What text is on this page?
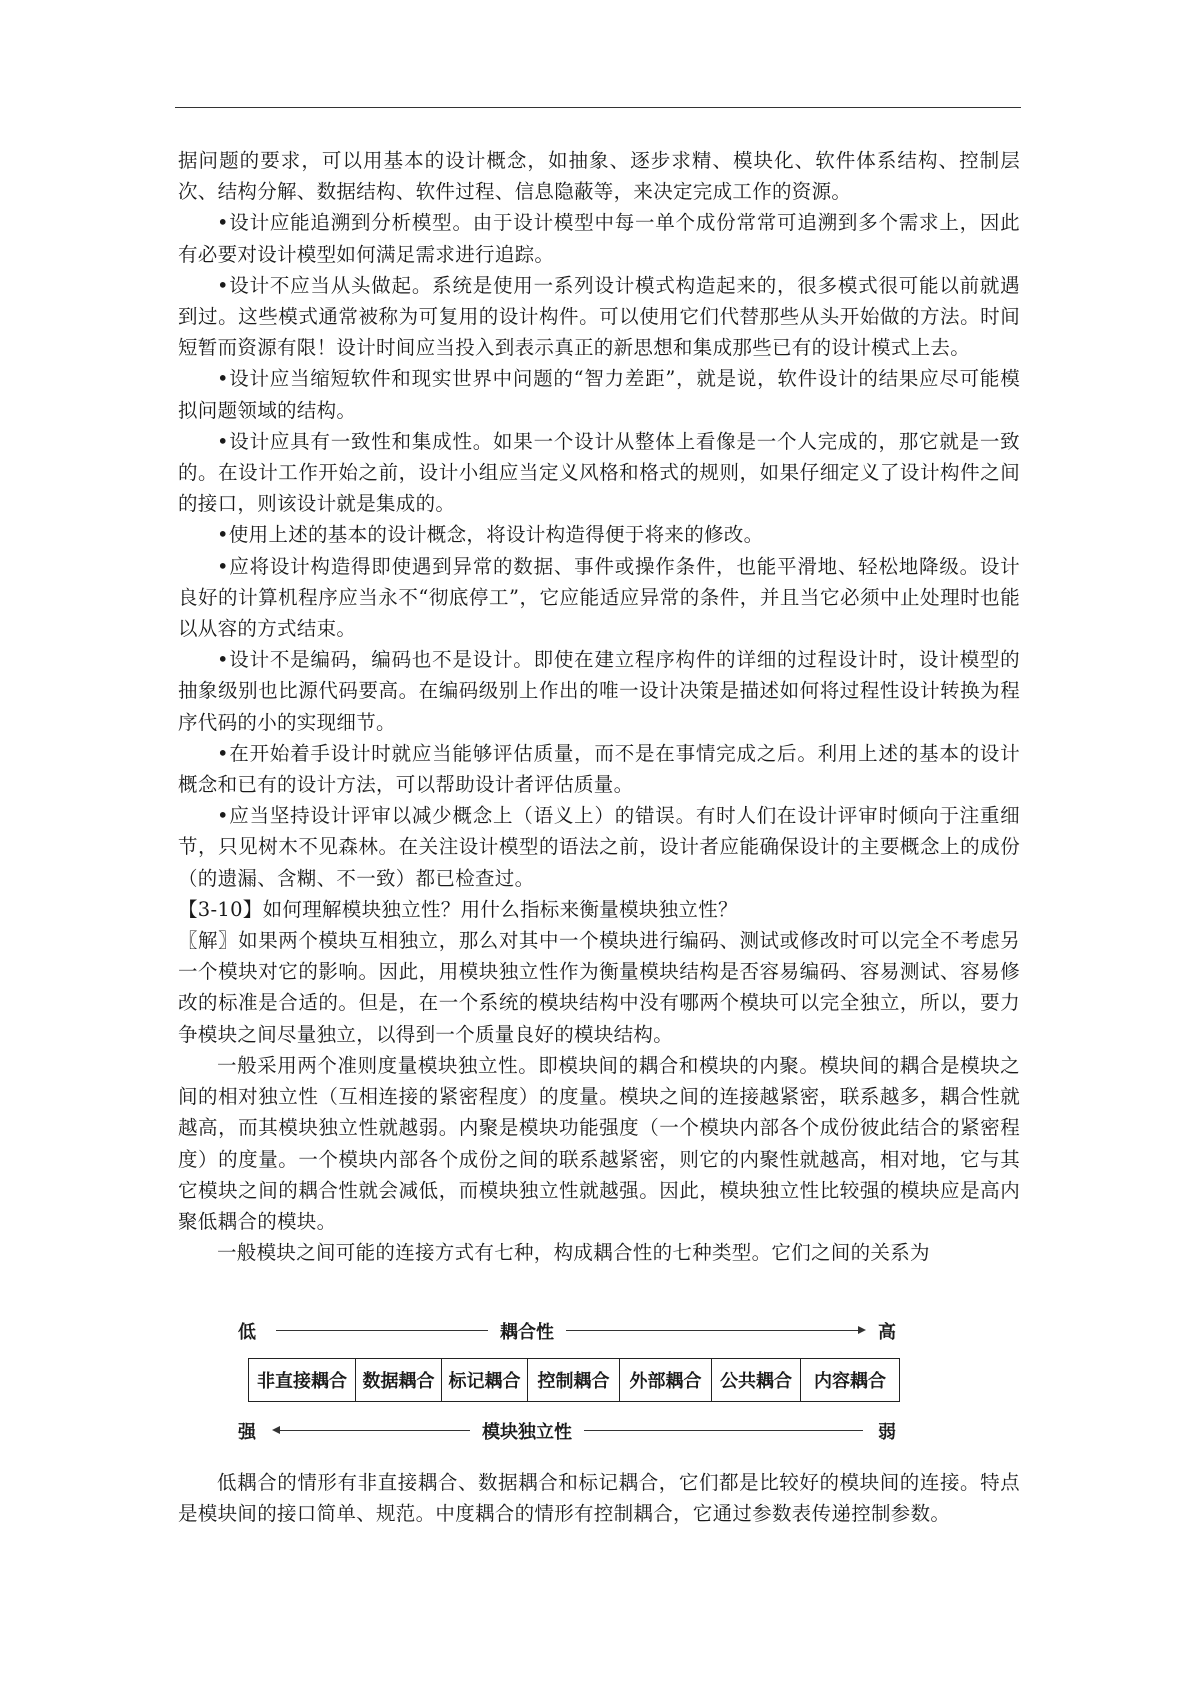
据问题的要求，可以用基本的设计概念，如抽象、逐步求精、模块化、软件体系结构、控制层次、结构分解、数据结构、软件过程、信息隐蔽等，来决定完成工作的资源。

•设计应能追溯到分析模型。由于设计模型中每一单个成份常常可追溯到多个需求上，因此有必要对设计模型如何满足需求进行追踪。

•设计不应当从头做起。系统是使用一系列设计模式构造起来的，很多模式很可能以前就遇到过。这些模式通常被称为可复用的设计构件。可以使用它们代替那些从头开始做的方法。时间短暂而资源有限！设计时间应当投入到表示真正的新思想和集成那些已有的设计模式上去。

•设计应当缩短软件和现实世界中问题的“智力差距”，就是说，软件设计的结果应尽可能模拟问题领域的结构。

•设计应具有一致性和集成性。如果一个设计从整体上看像是一个人完成的，那它就是一致的。在设计工作开始之前，设计小组应当定义风格和格式的规则，如果仔细定义了设计构件之间的接口，则该设计就是集成的。

•使用上述的基本的设计概念，将设计构造得便于将来的修改。

•应将设计构造得即使遇到异常的数据、事件或操作条件，也能平滑地、轻松地降级。设计良好的计算机程序应当永不“彻底停工”，它应能适应异常的条件，并且当它必须中止处理时也能以从容的方式结束。

•设计不是编码，编码也不是设计。即使在建立程序构件的详细的过程设计时，设计模型的抽象级别也比源代码要高。在编码级别上作出的唯一设计决策是描述如何将过程性设计转换为程序代码的小的实现细节。

•在开始着手设计时就应当能够评估质量，而不是在事情完成之后。利用上述的基本的设计概念和已有的设计方法，可以帮助设计者评估质量。

•应当坚持设计评审以减少概念上（语义上）的错误。有时人们在设计评审时倾向于注重细节，只见树木不见森林。在关注设计模型的语法之前，设计者应能确保设计的主要概念上的成份（的遗漏、含糊、不一致）都已检查过。

【3-10】如何理解模块独立性？用什么指标来衡量模块独立性？

〖解〗如果两个模块互相独立，那么对其中一个模块进行编码、测试或修改时可以完全不考虑另一个模块对它的影响。因此，用模块独立性作为衡量模块结构是否容易编码、容易测试、容易修改的标准是合适的。但是，在一个系统的模块结构中没有哪两个模块可以完全独立，所以，要力争模块之间尽量独立，以得到一个质量良好的模块结构。

一般采用两个准则度量模块独立性。即模块间的耦合和模块的内聚。模块间的耦合是模块之间的相对独立性（互相连接的紧密程度）的度量。模块之间的连接越紧密，联系越多，耦合性就越高，而其模块独立性就越弱。内聚是模块功能强度（一个模块内部各个成份彼此结合的紧密程度）的度量。一个模块内部各个成份之间的联系越紧密，则它的内聚性就越高，相对地，它与其它模块之间的耦合性就会减低，而模块独立性就越强。因此，模块独立性比较强的模块应是高内聚低耦合的模块。

一般模块之间可能的连接方式有七种，构成耦合性的七种类型。它们之间的关系为

低	耦合性	高
非直接耦合	数据耦合	标记耦合	控制耦合	外部耦合	公共耦合	内容耦合
强	模块独立性	弱

低耦合的情形有非直接耦合、数据耦合和标记耦合，它们都是比较好的模块间的连接。特点是模块间的接口简单、规范。中度耦合的情形有控制耦合，它通过参数表传递控制参数。
